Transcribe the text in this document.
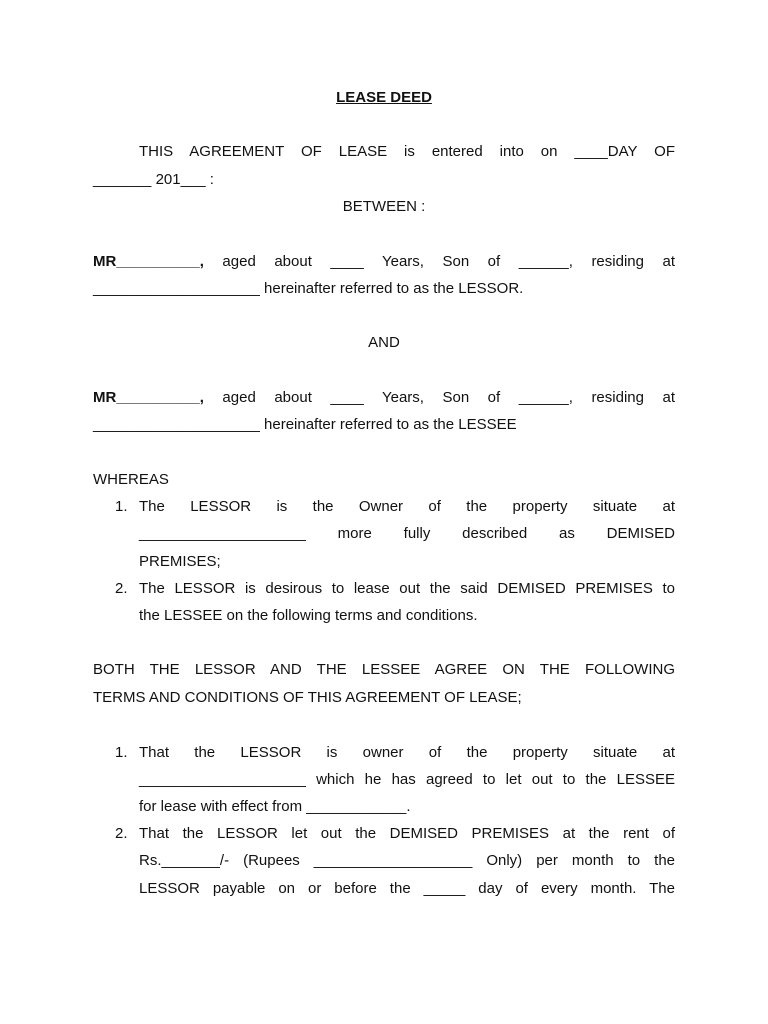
LEASE DEED
THIS AGREEMENT OF LEASE is entered into on ____DAY OF
_______ 201___ :
BETWEEN :
MR__________, aged about ____ Years, Son of ______, residing at
____________________ hereinafter referred to as the LESSOR.
AND
MR__________, aged about ____ Years, Son of ______, residing at
____________________ hereinafter referred to as the LESSEE
WHEREAS
1. The LESSOR is the Owner of the property situate at
____________________ more fully described as DEMISED
PREMISES;
2. The LESSOR is desirous to lease out the said DEMISED PREMISES to
the LESSEE on the following terms and conditions.
BOTH THE LESSOR AND THE LESSEE AGREE ON THE FOLLOWING
TERMS AND CONDITIONS OF THIS AGREEMENT OF LEASE;
1. That the LESSOR is owner of the property situate at
____________________ which he has agreed to let out to the LESSEE
for lease with effect from ____________.
2. That the LESSOR let out the DEMISED PREMISES at the rent of
Rs._______/- (Rupees ___________________ Only) per month to the
LESSOR payable on or before the _____ day of every month. The
